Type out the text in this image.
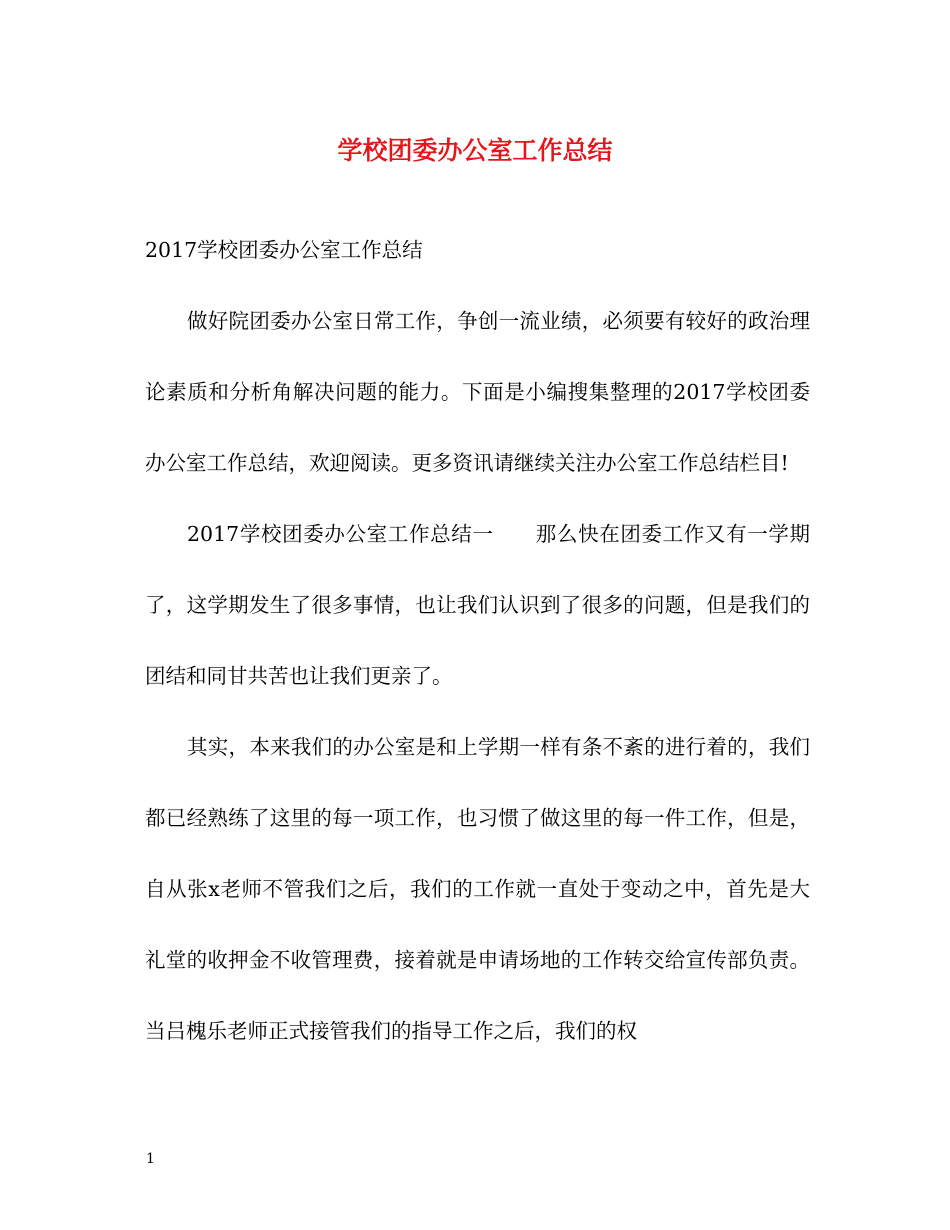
学校团委办公室工作总结

2017学校团委办公室工作总结

做好院团委办公室日常工作，争创一流业绩，必须要有较好的政治理论素质和分析角解决问题的能力。下面是小编搜集整理的2017学校团委办公室工作总结，欢迎阅读。更多资讯请继续关注办公室工作总结栏目!

2017学校团委办公室工作总结一　　那么快在团委工作又有一学期了，这学期发生了很多事情，也让我们认识到了很多的问题，但是我们的团结和同甘共苦也让我们更亲了。

其实，本来我们的办公室是和上学期一样有条不紊的进行着的，我们都已经熟练了这里的每一项工作，也习惯了做这里的每一件工作，但是，自从张x老师不管我们之后，我们的工作就一直处于变动之中，首先是大礼堂的收押金不收管理费，接着就是申请场地的工作转交给宣传部负责。当吕槐乐老师正式接管我们的指导工作之后，我们的权

1
